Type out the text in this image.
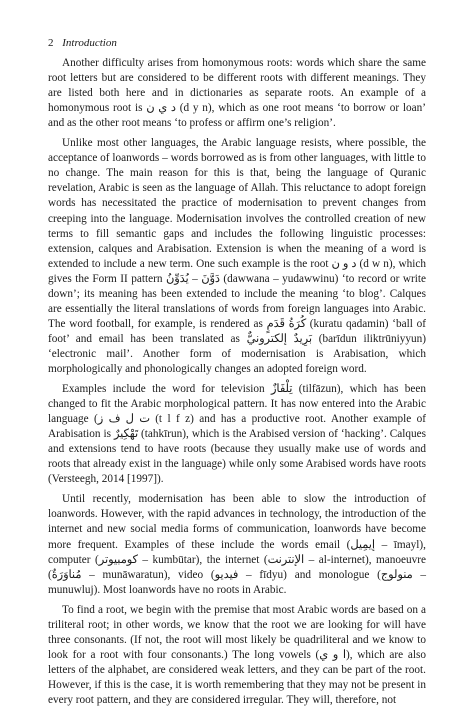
2 Introduction

Another difficulty arises from homonymous roots: words which share the same root letters but are considered to be different roots with different meanings. They are listed both here and in dictionaries as separate roots. An example of a homonymous root is د ي ن (d y n), which as one root means ‘to borrow or loan’ and as the other root means ‘to profess or affirm one’s religion’.

Unlike most other languages, the Arabic language resists, where possible, the acceptance of loanwords – words borrowed as is from other languages, with little to no change. The main reason for this is that, being the language of Quranic revelation, Arabic is seen as the language of Allah. This reluctance to adopt foreign words has necessitated the practice of modernisation to prevent changes from creeping into the language. Modernisation involves the controlled creation of new terms to fill semantic gaps and includes the following linguistic processes: extension, calques and Arabisation. Extension is when the meaning of a word is extended to include a new term. One such example is the root د و ن (d w n), which gives the Form II pattern دَوَّنَ – يُدَوِّنُ (dawwana – yudawwinu) ‘to record or write down’; its meaning has been extended to include the meaning ‘to blog’. Calques are essentially the literal translations of words from foreign languages into Arabic. The word football, for example, is rendered as كُرَةُ قَدَمٍ (kuratu qadamin) ‘ball of foot’ and email has been translated as بَرِيدٌ إلكترونيٌّ (barīdun iliktrūniyyun) ‘electronic mail’. Another form of modernisation is Arabisation, which morphologically and phonologically changes an adopted foreign word.

Examples include the word for television تِلْفَازٌ (tilfāzun), which has been changed to fit the Arabic morphological pattern. It has now entered into the Arabic language (ت ل ف ز (t l f z) and has a productive root. Another example of Arabisation is تَهْكِيرٌ (tahkīrun), which is the Arabised version of ‘hacking’. Calques and extensions tend to have roots (because they usually make use of words and roots that already exist in the language) while only some Arabised words have roots (Versteegh, 2014 [1997]).

Until recently, modernisation has been able to slow the introduction of loanwords. However, with the rapid advances in technology, the introduction of the internet and new social media forms of communication, loanwords have become more frequent. Examples of these include the words email (إيمِيل – īmayl), computer (كومبيوتر – kumbūtar), the internet (الإنترنت – al-internet), manoeuvre (مُناوَرَةٌ – munāwaratun), video (فيديو – fīdyu) and monologue (منولوج – munuwluj). Most loanwords have no roots in Arabic.

To find a root, we begin with the premise that most Arabic words are based on a triliteral root; in other words, we know that the root we are looking for will have three consonants. (If not, the root will most likely be quadriliteral and we know to look for a root with four consonants.) The long vowels (ا و ي), which are also letters of the alphabet, are considered weak letters, and they can be part of the root. However, if this is the case, it is worth remembering that they may not be present in every root pattern, and they are considered irregular. They will, therefore, not
